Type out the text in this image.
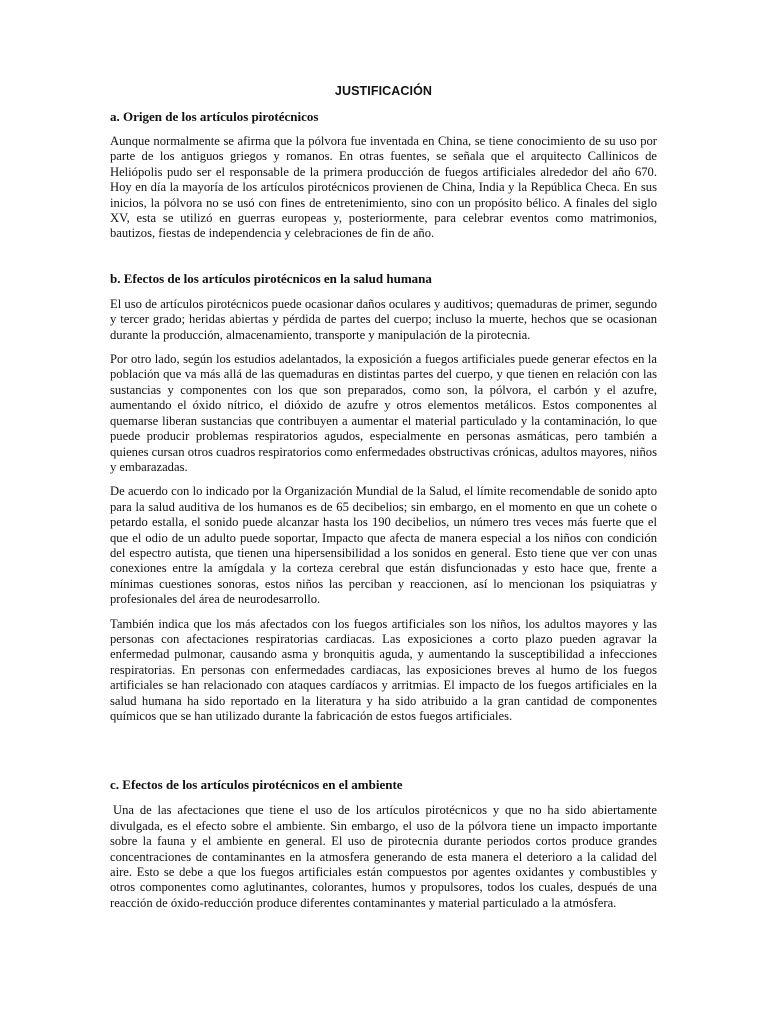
JUSTIFICACIÓN
a. Origen de los artículos pirotécnicos

Aunque normalmente se afirma que la pólvora fue inventada en China, se tiene conocimiento de su uso por parte de los antiguos griegos y romanos. En otras fuentes, se señala que el arquitecto Callinicos de Heliópolis pudo ser el responsable de la primera producción de fuegos artificiales alrededor del año 670. Hoy en día la mayoría de los artículos pirotécnicos provienen de China, India y la República Checa. En sus inicios, la pólvora no se usó con fines de entretenimiento, sino con un propósito bélico. A finales del siglo XV, esta se utilizó en guerras europeas y, posteriormente, para celebrar eventos como matrimonios, bautizos, fiestas de independencia y celebraciones de fin de año.

b. Efectos de los artículos pirotécnicos en la salud humana

El uso de artículos pirotécnicos puede ocasionar daños oculares y auditivos; quemaduras de primer, segundo y tercer grado; heridas abiertas y pérdida de partes del cuerpo; incluso la muerte, hechos que se ocasionan durante la producción, almacenamiento, transporte y manipulación de la pirotecnia.

Por otro lado, según los estudios adelantados, la exposición a fuegos artificiales puede generar efectos en la población que va más allá de las quemaduras en distintas partes del cuerpo, y que tienen en relación con las sustancias y componentes con los que son preparados, como son, la pólvora, el carbón y el azufre, aumentando el óxido nítrico, el dióxido de azufre y otros elementos metálicos. Estos componentes al quemarse liberan sustancias que contribuyen a aumentar el material particulado y la contaminación, lo que puede producir problemas respiratorios agudos, especialmente en personas asmáticas, pero también a quienes cursan otros cuadros respiratorios como enfermedades obstructivas crónicas, adultos mayores, niños y embarazadas.

De acuerdo con lo indicado por la Organización Mundial de la Salud, el límite recomendable de sonido apto para la salud auditiva de los humanos es de 65 decibelios; sin embargo, en el momento en que un cohete o petardo estalla, el sonido puede alcanzar hasta los 190 decibelios, un número tres veces más fuerte que el que el odio de un adulto puede soportar, Impacto que afecta de manera especial a los niños con condición del espectro autista, que tienen una hipersensibilidad a los sonidos en general. Esto tiene que ver con unas conexiones entre la amígdala y la corteza cerebral que están disfuncionadas y esto hace que, frente a mínimas cuestiones sonoras, estos niños las perciban y reaccionen, así lo mencionan los psiquiatras y profesionales del área de neurodesarrollo.

También indica que los más afectados con los fuegos artificiales son los niños, los adultos mayores y las personas con afectaciones respiratorias cardiacas. Las exposiciones a corto plazo pueden agravar la enfermedad pulmonar, causando asma y bronquitis aguda, y aumentando la susceptibilidad a infecciones respiratorias. En personas con enfermedades cardiacas, las exposiciones breves al humo de los fuegos artificiales se han relacionado con ataques cardíacos y arritmias. El impacto de los fuegos artificiales en la salud humana ha sido reportado en la literatura y ha sido atribuido a la gran cantidad de componentes químicos que se han utilizado durante la fabricación de estos fuegos artificiales.

c. Efectos de los artículos pirotécnicos en el ambiente

Una de las afectaciones que tiene el uso de los artículos pirotécnicos y que no ha sido abiertamente divulgada, es el efecto sobre el ambiente. Sin embargo, el uso de la pólvora tiene un impacto importante sobre la fauna y el ambiente en general. El uso de pirotecnia durante periodos cortos produce grandes concentraciones de contaminantes en la atmosfera generando de esta manera el deterioro a la calidad del aire. Esto se debe a que los fuegos artificiales están compuestos por agentes oxidantes y combustibles y otros componentes como aglutinantes, colorantes, humos y propulsores, todos los cuales, después de una reacción de óxido-reducción produce diferentes contaminantes y material particulado a la atmósfera.
